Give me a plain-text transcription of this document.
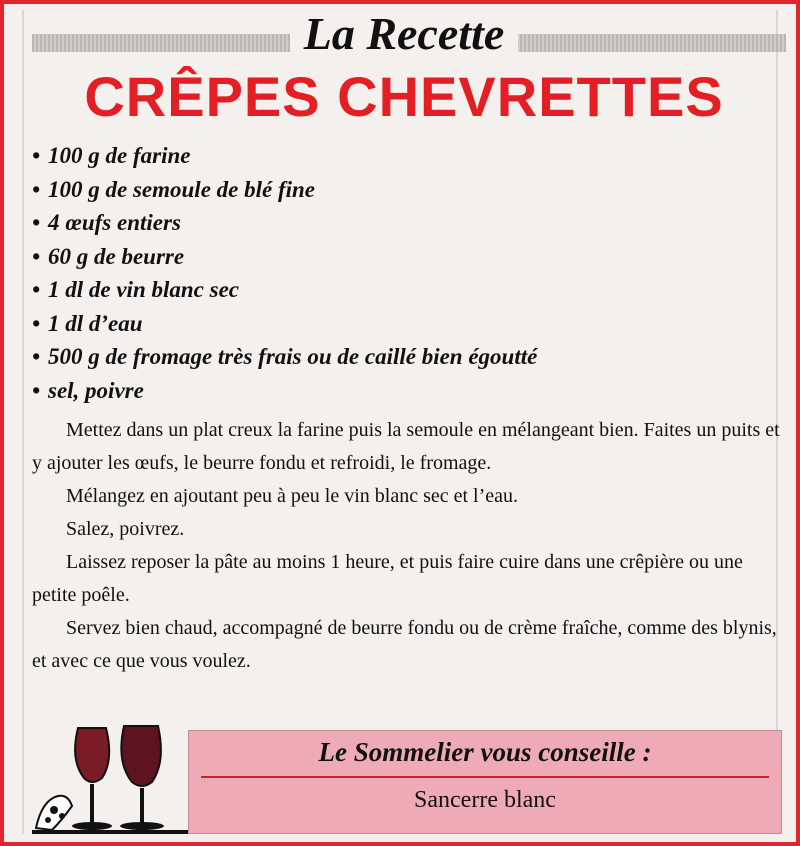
La Recette
CRÊPES CHEVRETTES
• 100 g de farine
• 100 g de semoule de blé fine
• 4 œufs entiers
• 60 g de beurre
• 1 dl de vin blanc sec
• 1 dl d’eau
• 500 g de fromage très frais ou de caillé bien égoutté
• sel, poivre

Mettez dans un plat creux la farine puis la semoule en mélangeant bien. Faites un puits et y ajouter les œufs, le beurre fondu et refroidi, le fromage.

Mélangez en ajoutant peu à peu le vin blanc sec et l’eau.

Salez, poivrez.

Laissez reposer la pâte au moins 1 heure, et puis faire cuire dans une crêpière ou une petite poêle.

Servez bien chaud, accompagné de beurre fondu ou de crème fraîche, comme des blynis, et avec ce que vous voulez.

Le Sommelier vous conseille :
Sancerre blanc
